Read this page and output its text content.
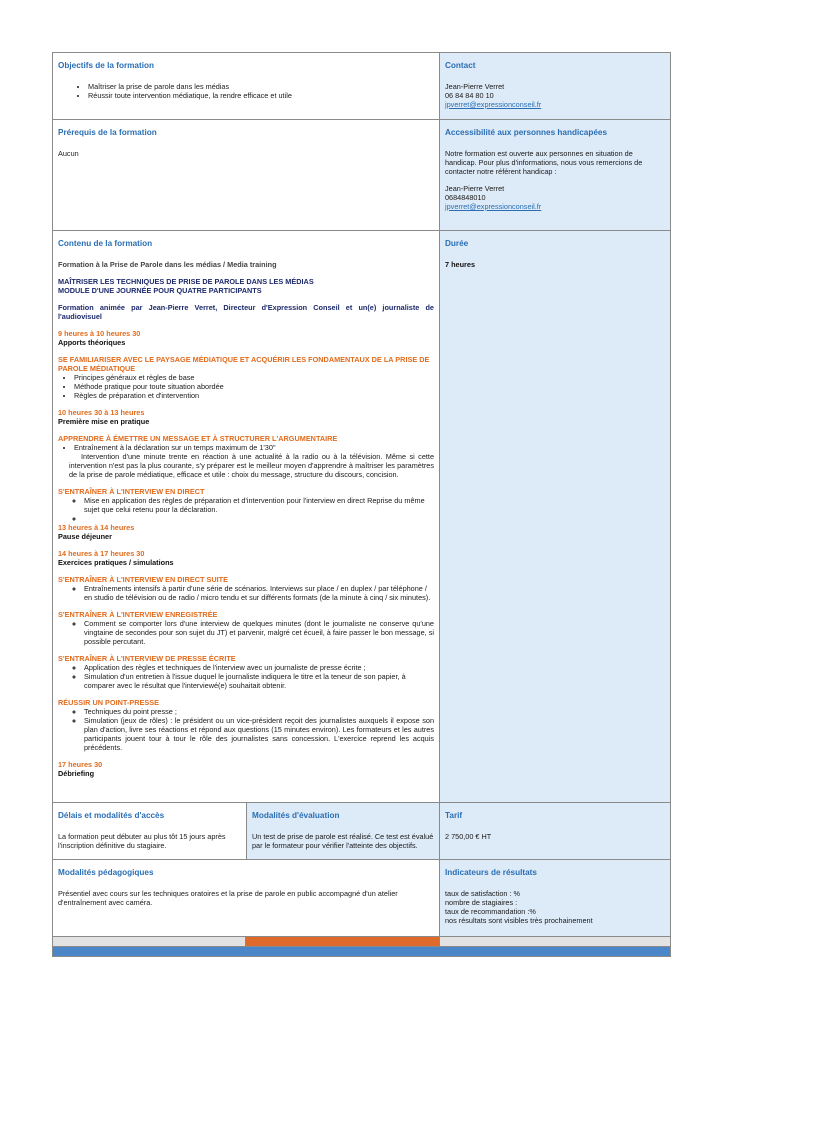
Objectifs de la formation
• Maîtriser la prise de parole dans les médias
• Réussir toute intervention médiatique, la rendre efficace et utile
Contact
Jean-Pierre Verret
06 84 84 80 10
jpverret@expressionconseil.fr
Prérequis de la formation
Aucun
Accessibilité aux personnes handicapées
Notre formation est ouverte aux personnes en situation de handicap. Pour plus d'informations, nous vous remercions de contacter notre référent handicap :
Jean-Pierre Verret
0684848010
jpverret@expressionconseil.fr
Contenu de la formation
Formation à la Prise de Parole dans les médias / Media training
MAÎTRISER LES TECHNIQUES DE PRISE DE PAROLE DANS LES MÉDIAS
MODULE D'UNE JOURNÉE POUR QUATRE PARTICIPANTS
Formation animée par Jean-Pierre Verret, Directeur d'Expression Conseil et un(e) journaliste de l'audiovisuel
9 heures à 10 heures 30
Apports théoriques
SE FAMILIARISER AVEC LE PAYSAGE MÉDIATIQUE ET ACQUÉRIR LES FONDAMENTAUX DE LA PRISE DE PAROLE MÉDIATIQUE
• Principes généraux et règles de base
• Méthode pratique pour toute situation abordée
• Règles de préparation et d'intervention
10 heures 30 à 13 heures
Première mise en pratique
APPRENDRE À ÉMETTRE UN MESSAGE ET À STRUCTURER L'ARGUMENTAIRE
• Entraînement à la déclaration sur un temps maximum de 1'30''
Intervention d'une minute trente en réaction à une actualité à la radio ou à la télévision. Même si cette intervention n'est pas la plus courante, s'y préparer est le meilleur moyen d'apprendre à maîtriser les paramètres de la prise de parole médiatique, efficace et utile : choix du message, structure du discours, concision.
S'ENTRAÎNER À L'INTERVIEW EN DIRECT
◦ Mise en application des règles de préparation et d'intervention pour l'interview en direct Reprise du même sujet que celui retenu pour la déclaration.
◦
13 heures à 14 heures
Pause déjeuner
14 heures à 17 heures 30
Exercices pratiques / simulations
S'ENTRAÎNER À L'INTERVIEW EN DIRECT SUITE
◦ Entraînements intensifs à partir d'une série de scénarios. Interviews sur place / en duplex / par téléphone / en studio de télévision ou de radio / micro tendu et sur différents formats (de la minute à cinq / six minutes).
S'ENTRAÎNER À L'INTERVIEW ENREGISTRÉE
◦ Comment se comporter lors d'une interview de quelques minutes (dont le journaliste ne conserve qu'une vingtaine de secondes pour son sujet du JT) et parvenir, malgré cet écueil, à faire passer le bon message, si possible percutant.
S'ENTRAÎNER À L'INTERVIEW DE PRESSE ÉCRITE
◦ Application des règles et techniques de l'interview avec un journaliste de presse écrite ;
◦ Simulation d'un entretien à l'issue duquel le journaliste indiquera le titre et la teneur de son papier, à comparer avec le résultat que l'interviewé(e) souhaitait obtenir.
RÉUSSIR UN POINT-PRESSE
◦ Techniques du point presse ;
◦ Simulation (jeux de rôles) : le président ou un vice-président reçoit des journalistes auxquels il expose son plan d'action, livre ses réactions et répond aux questions (15 minutes environ). Les formateurs et les autres participants jouent tour à tour le rôle des journalistes sans concession. L'exercice reprend les acquis précédents.
17 heures 30
Débriefing
Durée
7 heures
Délais et modalités d'accès
La formation peut débuter au plus tôt 15 jours après l'inscription définitive du stagiaire.
Modalités d'évaluation
Un test de prise de parole est réalisé. Ce test est évalué par le formateur pour vérifier l'atteinte des objectifs.
Tarif
2 750,00 € HT
Modalités pédagogiques
Présentiel avec cours sur les techniques oratoires et la prise de parole en public accompagné d'un atelier d'entraînement avec caméra.
Indicateurs de résultats
taux de satisfaction : %
nombre de stagiaires :
taux de recommandation :%
nos résultats sont visibles très prochainement
